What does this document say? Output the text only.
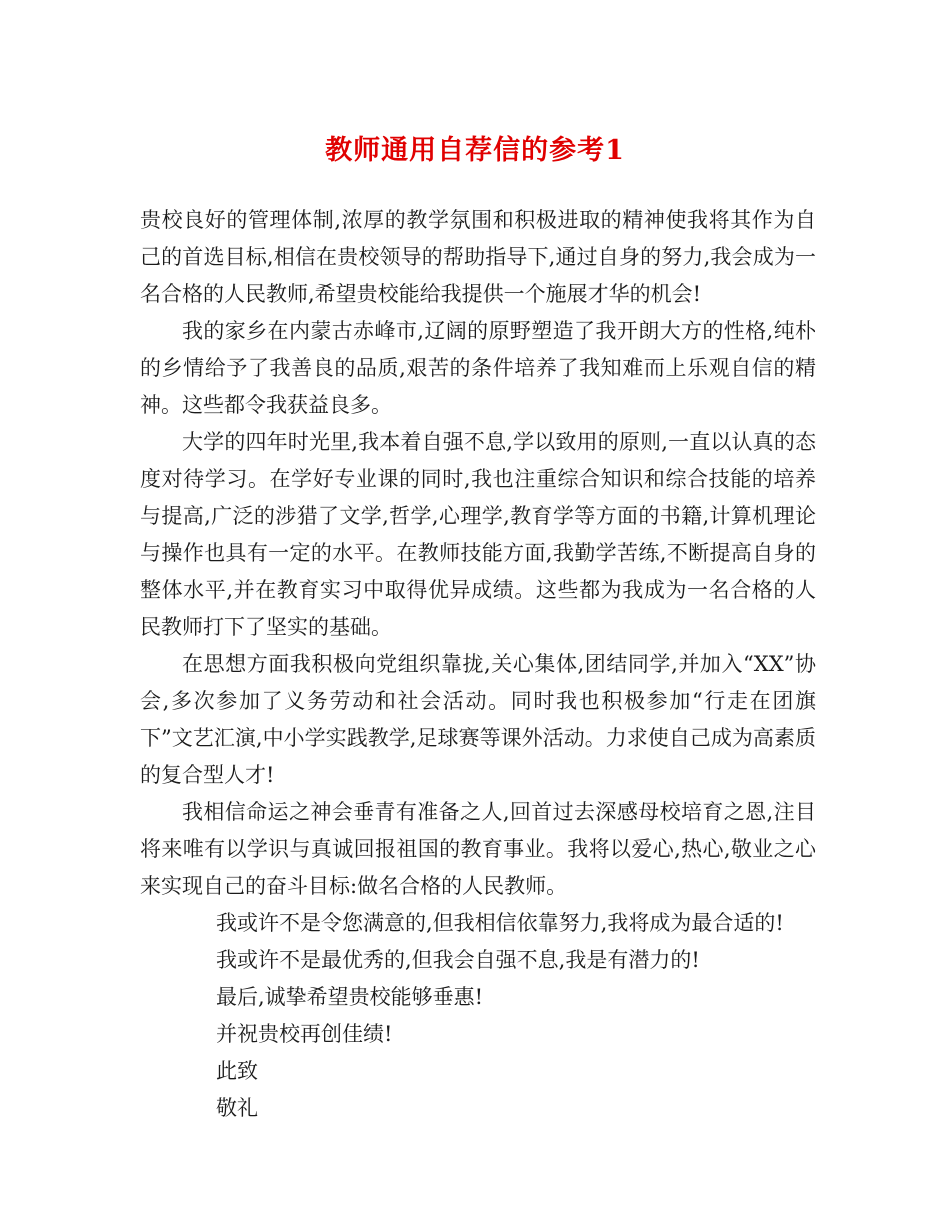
教师通用自荐信的参考1

贵校良好的管理体制,浓厚的教学氛围和积极进取的精神使我将其作为自己的首选目标,相信在贵校领导的帮助指导下,通过自身的努力,我会成为一名合格的人民教师,希望贵校能给我提供一个施展才华的机会!

我的家乡在内蒙古赤峰市,辽阔的原野塑造了我开朗大方的性格,纯朴的乡情给予了我善良的品质,艰苦的条件培养了我知难而上乐观自信的精神。这些都令我获益良多。

大学的四年时光里,我本着自强不息,学以致用的原则,一直以认真的态度对待学习。在学好专业课的同时,我也注重综合知识和综合技能的培养与提高,广泛的涉猎了文学,哲学,心理学,教育学等方面的书籍,计算机理论与操作也具有一定的水平。在教师技能方面,我勤学苦练,不断提高自身的整体水平,并在教育实习中取得优异成绩。这些都为我成为一名合格的人民教师打下了坚实的基础。

在思想方面我积极向党组织靠拢,关心集体,团结同学,并加入“XX”协会,多次参加了义务劳动和社会活动。同时我也积极参加“行走在团旗下”文艺汇演,中小学实践教学,足球赛等课外活动。力求使自己成为高素质的复合型人才!

我相信命运之神会垂青有准备之人,回首过去深感母校培育之恩,注目将来唯有以学识与真诚回报祖国的教育事业。我将以爱心,热心,敬业之心来实现自己的奋斗目标:做名合格的人民教师。

我或许不是令您满意的,但我相信依靠努力,我将成为最合适的!

我或许不是最优秀的,但我会自强不息,我是有潜力的!

最后,诚挚希望贵校能够垂惠!

并祝贵校再创佳绩!

此致

敬礼
